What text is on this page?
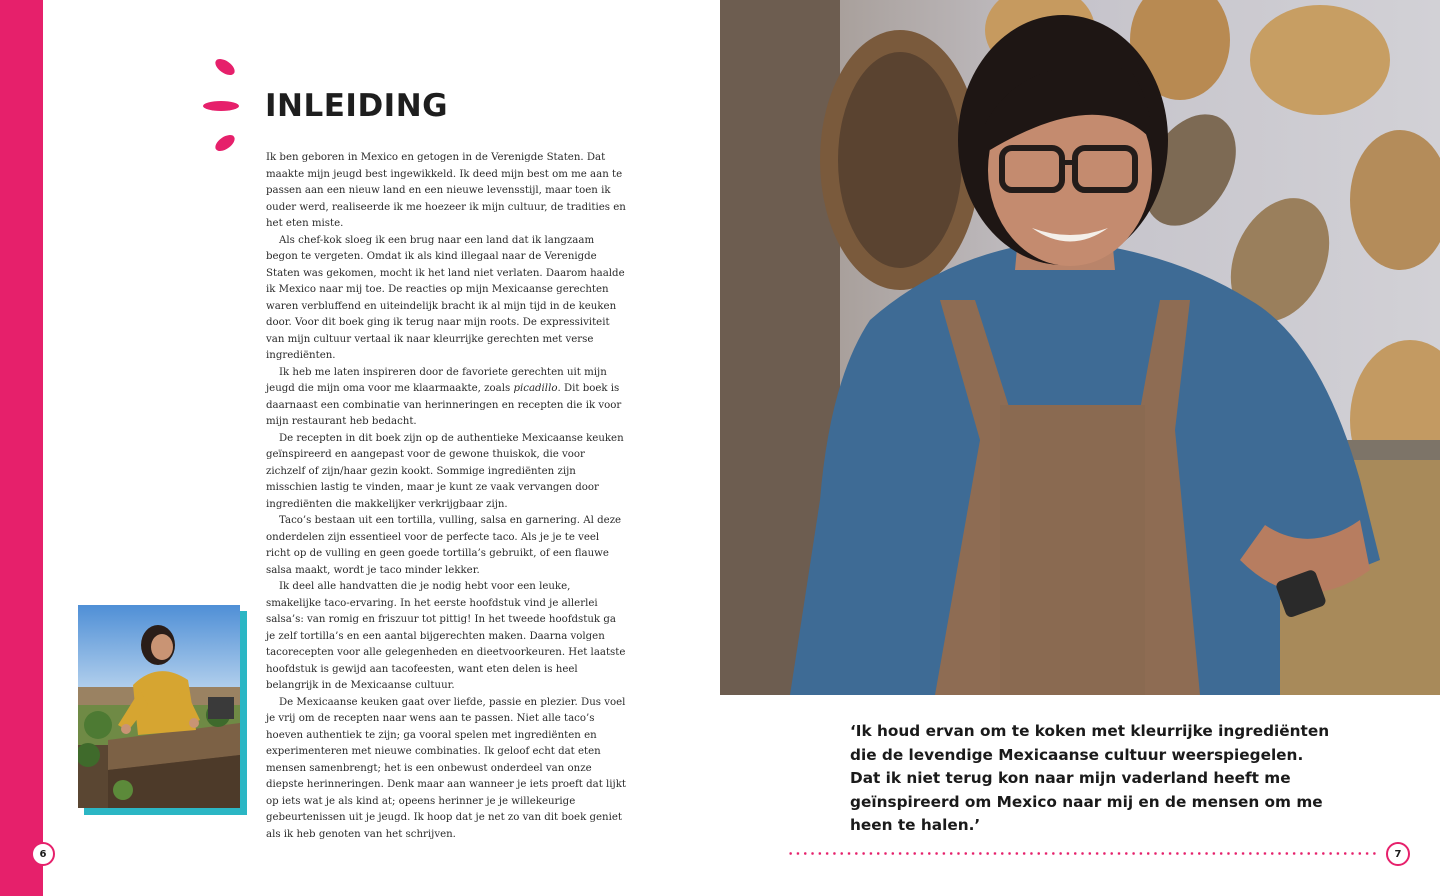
INLEIDING

Ik ben geboren in Mexico en getogen in de Verenigde Staten. Dat maakte mijn jeugd best ingewikkeld. Ik deed mijn best om me aan te passen aan een nieuw land en een nieuwe levensstijl, maar toen ik ouder werd, realiseerde ik me hoezeer ik mijn cultuur, de tradities en het eten miste.

Als chef-kok sloeg ik een brug naar een land dat ik langzaam begon te vergeten. Omdat ik als kind illegaal naar de Verenigde Staten was gekomen, mocht ik het land niet verlaten. Daarom haalde ik Mexico naar mij toe. De reacties op mijn Mexicaanse gerechten waren verbluffend en uiteindelijk bracht ik al mijn tijd in de keuken door. Voor dit boek ging ik terug naar mijn roots. De expressiviteit van mijn cultuur vertaal ik naar kleurrijke gerechten met verse ingrediënten.

Ik heb me laten inspireren door de favoriete gerechten uit mijn jeugd die mijn oma voor me klaarmaakte, zoals picadillo. Dit boek is daarnaast een combinatie van herinneringen en recepten die ik voor mijn restaurant heb bedacht.

De recepten in dit boek zijn op de authentieke Mexicaanse keuken geïnspireerd en aangepast voor de gewone thuiskok, die voor zichzelf of zijn/haar gezin kookt. Sommige ingrediënten zijn misschien lastig te vinden, maar je kunt ze vaak vervangen door ingrediënten die makkelijker verkrijgbaar zijn.

Taco’s bestaan uit een tortilla, vulling, salsa en garnering. Al deze onderdelen zijn essentieel voor de perfecte taco. Als je je te veel richt op de vulling en geen goede tortilla’s gebruikt, of een flauwe salsa maakt, wordt je taco minder lekker.

Ik deel alle handvatten die je nodig hebt voor een leuke, smakelijke taco-ervaring. In het eerste hoofdstuk vind je allerlei salsa’s: van romig en friszuur tot pittig! In het tweede hoofdstuk ga je zelf tortilla’s en een aantal bijgerechten maken. Daarna volgen tacorecepten voor alle gelegenheden en dieetvoorkeuren. Het laatste hoofdstuk is gewijd aan tacofeesten, want eten delen is heel belangrijk in de Mexicaanse cultuur.

De Mexicaanse keuken gaat over liefde, passie en plezier. Dus voel je vrij om de recepten naar wens aan te passen. Niet alle taco’s hoeven authentiek te zijn; ga vooral spelen met ingrediënten en experimenteren met nieuwe combinaties. Ik geloof echt dat eten mensen samenbrengt; het is een onbewust onderdeel van onze diepste herinneringen. Denk maar aan wanneer je iets proeft dat lijkt op iets wat je als kind at; opeens herinner je je willekeurige gebeurtenissen uit je jeugd. Ik hoop dat je net zo van dit boek geniet als ik heb genoten van het schrijven.

‘Ik houd ervan om te koken met kleurrijke ingrediënten die de levendige Mexicaanse cultuur weerspiegelen. Dat ik niet terug kon naar mijn vaderland heeft me geïnspireerd om Mexico naar mij en de mensen om me heen te halen.’

6	7
